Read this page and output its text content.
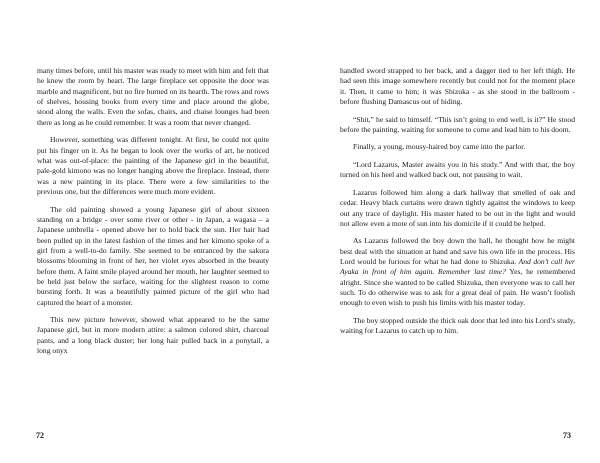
many times before, until his master was ready to meet with him and felt that he knew the room by heart. The large fireplace set opposite the door was marble and magnificent, but no fire burned on its hearth. The rows and rows of shelves, housing books from every time and place around the globe, stood along the walls. Even the sofas, chairs, and chaise lounges had been there as long as he could remember. It was a room that never changed.

However, something was different tonight. At first, he could not quite put his finger on it. As he began to look over the works of art, he noticed what was out-of-place: the painting of the Japanese girl in the beautiful, pale-gold kimono was no longer hanging above the fireplace. Instead, there was a new painting in its place. There were a few similarities to the previous one, but the differences were much more evident.

The old painting showed a young Japanese girl of about sixteen standing on a bridge - over some river or other - in Japan, a wagasa – a Japanese umbrella - opened above her to hold back the sun. Her hair had been pulled up in the latest fashion of the times and her kimono spoke of a girl from a well-to-do family. She seemed to be entranced by the sakura blossoms blooming in front of her, her violet eyes absorbed in the beauty before them. A faint smile played around her mouth, her laughter seemed to be held just below the surface, waiting for the slightest reason to come bursting forth. It was a beautifully painted picture of the girl who had captured the heart of a monster.

This new picture however, showed what appeared to be the same Japanese girl, but in more modern attire: a salmon colored shirt, charcoal pants, and a long black duster; her long hair pulled back in a ponytail, a long onyx

72

handled sword strapped to her back, and a dagger tied to her left thigh. He had seen this image somewhere recently but could not for the moment place it. Then, it came to him; it was Shizuka - as she stood in the ballroom - before flushing Damascus out of hiding.

“Shit,” he said to himself. “This isn’t going to end well, is it?” He stood before the painting, waiting for someone to come and lead him to his doom.

Finally, a young, mousy-haired boy came into the parlor.

“Lord Lazarus, Master awaits you in his study.” And with that, the boy turned on his heel and walked back out, not pausing to wait.

Lazarus followed him along a dark hallway that smelled of oak and cedar. Heavy black curtains were drawn tightly against the windows to keep out any trace of daylight. His master hated to be out in the light and would not allow even a mote of sun into his domicile if it could be helped.

As Lazarus followed the boy down the hall, he thought how he might best deal with the situation at hand and save his own life in the process. His Lord would be furious for what he had done to Shizuka. And don’t call her Ayaka in front of him again. Remember last time? Yes, he remembered alright. Since she wanted to be called Shizuka, then everyone was to call her such. To do otherwise was to ask for a great deal of pain. He wasn’t foolish enough to even wish to push his limits with his master today.

The boy stopped outside the thick oak door that led into his Lord’s study, waiting for Lazarus to catch up to him.

73
